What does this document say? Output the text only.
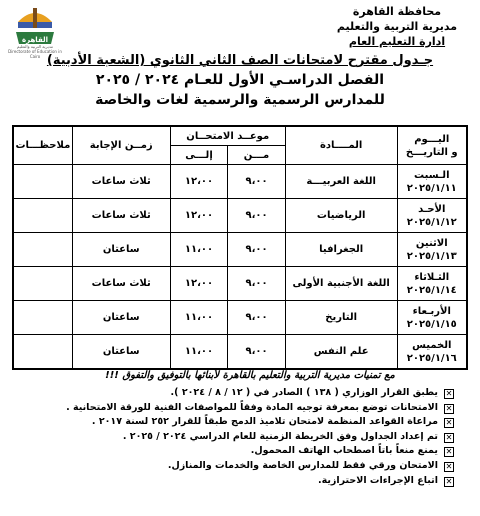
القاهرة
مديرية التربية والتعليم
Directorate of Education in Cairo
محافظة القاهرة
مديرية التربية والتعليم
ادارة التعليم العام
جـدول مقترح لامتحانات الصف الثاني الثانوي (الشعبة الأدبية)
الفصل الدراسـي الأول للعـام ٢٠٢٤ / ٢٠٢٥
للمدارس الرسمية والرسمية لغات والخاصة
اليـــوم
و التاريـــخ	المــــادة	موعــد الامتحــان		زمــن الإجابة	ملاحظـــات
		مـــن	إلـــى		

الـسبت
٢٠٢٥/١/١١	اللغة العربيـــة	٩،٠٠	١٢،٠٠	ثلاث ساعات	

الأحـد
٢٠٢٥/١/١٢	الرياضيات	٩،٠٠	١٢،٠٠	ثلاث ساعات	

الاثنين
٢٠٢٥/١/١٣	الجغرافيا	٩،٠٠	١١،٠٠	ساعتان	

الثـلاثاء
٢٠٢٥/١/١٤	اللغة الأجنبية الأولى	٩،٠٠	١٢،٠٠	ثلاث ساعات	

الأربـعاء
٢٠٢٥/١/١٥	التاريخ	٩،٠٠	١١،٠٠	ساعتان	

الخميس
٢٠٢٥/١/١٦	علم النفس	٩،٠٠	١١،٠٠	ساعتان	
مع تمنيات مديرية التربية والتعليم بالقاهرة لأبنائها بالتوفيق والتفوق !!!
✕يطبق القرار الوزاري ( ١٣٨ ) الصادر في ( ١٢ / ٨ / ٢٠٢٤ ).
✕الامتحانات توضع بمعرفة توجيه المادة وفقاً للمواصفات الفنية للورقة الامتحانية .
✕مراعاة القواعد المنظمة لامتحان تلاميذ الدمج طبقاً للقرار ٢٥٢ لسنة ٢٠١٧ .
✕تم إعداد الجداول وفق الخريطة الزمنية للعام الدراسي ٢٠٢٤ / ٢٠٢٥ .
✕يمنع منعاً باتاً اصطحاب الهاتف المحمول.
✕الامتحان ورقي فقط للمدارس الخاصة والخدمات والمنازل.
✕اتباع الإجراءات الاحترازية.
